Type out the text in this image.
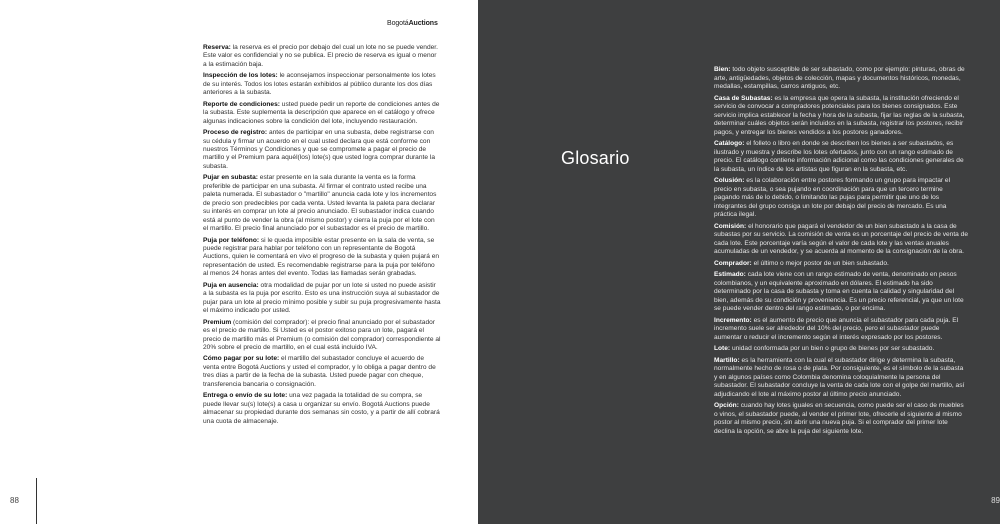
BogotáAuctions
Reserva: la reserva es el precio por debajo del cual un lote no se puede vender. Este valor es confidencial y no se publica. El precio de reserva es igual o menor a la estimación baja.
Inspección de los lotes: le aconsejamos inspeccionar personalmente los lotes de su interés. Todos los lotes estarán exhibidos al público durante los dos días anteriores a la subasta.
Reporte de condiciones: usted puede pedir un reporte de condiciones antes de la subasta. Este suplementa la descripción que aparece en el catálogo y ofrece algunas indicaciones sobre la condición del lote, incluyendo restauración.
Proceso de registro: antes de participar en una subasta, debe registrarse con su cédula y firmar un acuerdo en el cual usted declara que está conforme con nuestros Términos y Condiciones y que se compromete a pagar el precio de martillo y el Premium para aquél(los) lote(s) que usted logra comprar durante la subasta.
Pujar en subasta: estar presente en la sala durante la venta es la forma preferible de participar en una subasta. Al firmar el contrato usted recibe una paleta numerada. El subastador o "martillo" anuncia cada lote y los incrementos de precio son predecibles por cada venta. Usted levanta la paleta para declarar su interés en comprar un lote al precio anunciado. El subastador indica cuando está al punto de vender la obra (al mismo postor) y cierra la puja por el lote con el martillo. El precio final anunciado por el subastador es el precio de martillo.
Puja por teléfono: si le queda imposible estar presente en la sala de venta, se puede registrar para hablar por teléfono con un representante de Bogotá Auctions, quien le comentará en vivo el progreso de la subasta y quien pujará en representación de usted. Es recomendable registrarse para la puja por teléfono al menos 24 horas antes del evento. Todas las llamadas serán grabadas.
Puja en ausencia: otra modalidad de pujar por un lote si usted no puede asistir a la subasta es la puja por escrito. Esto es una instrucción suya al subastador de pujar para un lote al precio mínimo posible y subir su puja progresivamente hasta el máximo indicado por usted.
Premium (comisión del comprador): el precio final anunciado por el subastador es el precio de martillo. Si Usted es el postor exitoso para un lote, pagará el precio de martillo más el Premium (o comisión del comprador) correspondiente al 20% sobre el precio de martillo, en el cual está incluido IVA.
Cómo pagar por su lote: el martillo del subastador concluye el acuerdo de venta entre Bogotá Auctions y usted el comprador, y lo obliga a pagar dentro de tres días a partir de la fecha de la subasta. Usted puede pagar con cheque, transferencia bancaria o consignación.
Entrega o envío de su lote: una vez pagada la totalidad de su compra, se puede llevar su(s) lote(s) a casa u organizar su envío. Bogotá Auctions puede almacenar su propiedad durante dos semanas sin costo, y a partir de allí cobrará una cuota de almacenaje.
88
Glosario
Bien: todo objeto susceptible de ser subastado, como por ejemplo: pinturas, obras de arte, antigüedades, objetos de colección, mapas y documentos históricos, monedas, medallas, estampillas, carros antiguos, etc.
Casa de Subastas: es la empresa que opera la subasta, la institución ofreciendo el servicio de convocar a compradores potenciales para los bienes consignados. Este servicio implica establecer la fecha y hora de la subasta, fijar las reglas de la subasta, determinar cuáles objetos serán incluidos en la subasta, registrar los postores, recibir pagos, y entregar los bienes vendidos a los postores ganadores.
Catálogo: el folleto o libro en donde se describen los bienes a ser subastados, es ilustrado y muestra y describe los lotes ofertados, junto con un rango estimado de precio. El catálogo contiene información adicional como las condiciones generales de la subasta, un índice de los artistas que figuran en la subasta, etc.
Colusión: es la colaboración entre postores formando un grupo para impactar el precio en subasta, o sea pujando en coordinación para que un tercero termine pagando más de lo debido, o limitando las pujas para permitir que uno de los integrantes del grupo consiga un lote por debajo del precio de mercado. Es una práctica ilegal.
Comisión: el honorario que pagará el vendedor de un bien subastado a la casa de subastas por su servicio. La comisión de venta es un porcentaje del precio de venta de cada lote. Este porcentaje varía según el valor de cada lote y las ventas anuales acumuladas de un vendedor, y se acuerda al momento de la consignación de la obra.
Comprador: el último o mejor postor de un bien subastado.
Estimado: cada lote viene con un rango estimado de venta, denominado en pesos colombianos, y un equivalente aproximado en dólares. El estimado ha sido determinado por la casa de subasta y toma en cuenta la calidad y singularidad del bien, además de su condición y proveniencia. Es un precio referencial, ya que un lote se puede vender dentro del rango estimado, o por encima.
Incremento: es el aumento de precio que anuncia el subastador para cada puja. El incremento suele ser alrededor del 10% del precio, pero el subastador puede aumentar o reducir el incremento según el interés expresado por los postores.
Lote: unidad conformada por un bien o grupo de bienes por ser subastado.
Martillo: es la herramienta con la cual el subastador dirige y determina la subasta, normalmente hecho de rosa o de plata. Por consiguiente, es el símbolo de la subasta y en algunos países como Colombia denomina coloquialmente la persona del subastador. El subastador concluye la venta de cada lote con el golpe del martillo, así adjudicando el lote al máximo postor al último precio anunciado.
Opción: cuando hay lotes iguales en secuencia, como puede ser el caso de muebles o vinos, el subastador puede, al vender el primer lote, ofrecerle el siguiente al mismo postor al mismo precio, sin abrir una nueva puja. Si el comprador del primer lote declina la opción, se abre la puja del siguiente lote.
89
